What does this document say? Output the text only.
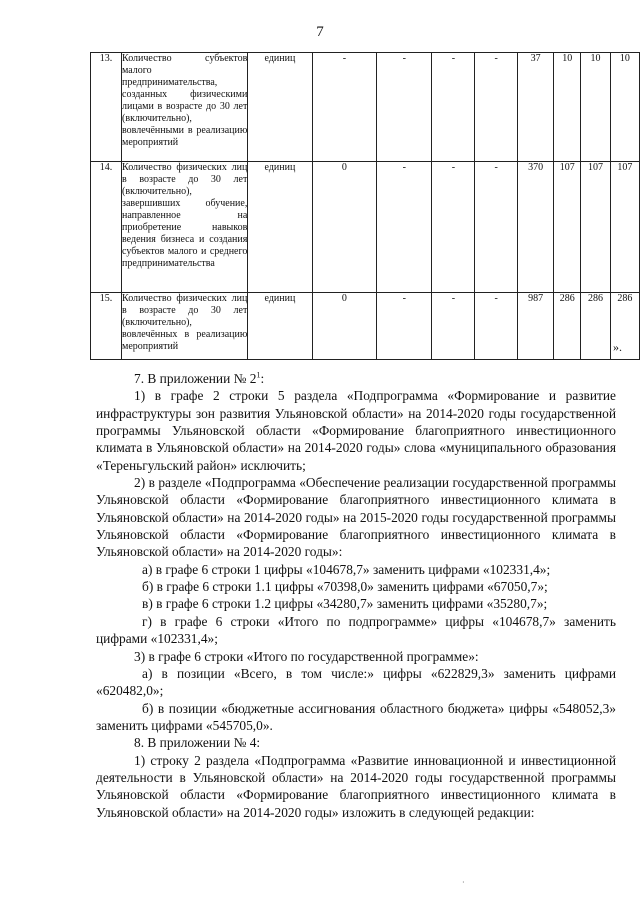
7
13.	Количество субъектов малого предпринимательства, созданных физическими лицами в возрасте до 30 лет (включительно), вовлечёнными в реализацию мероприятий	единиц	-	-	-	-	37	10	10	10
14.	Количество физических лиц в возрасте до 30 лет (включительно), завершивших обучение, направленное на приобретение навыков ведения бизнеса и создания субъектов малого и среднего предпринимательства	единиц	0	-	-	-	370	107	107	107
15.	Количество физических лиц в возрасте до 30 лет (включительно), вовлечённых в реализацию мероприятий	единиц	0	-	-	-	987	286	286	286
».

7. В приложении № $2^1$:

1) в графе 2 строки 5 раздела «Подпрограмма «Формирование и развитие инфраструктуры зон развития Ульяновской области» на 2014-2020 годы государственной программы Ульяновской области «Формирование благоприятного инвестиционного климата в Ульяновской области» на 2014-2020 годы» слова «муниципального образования «Тереньгульский район» исключить;

2) в разделе «Подпрограмма «Обеспечение реализации государственной программы Ульяновской области «Формирование благоприятного инвестиционного климата в Ульяновской области» на 2014-2020 годы» на 2015-2020 годы государственной программы Ульяновской области «Формирование благоприятного инвестиционного климата в Ульяновской области» на 2014-2020 годы»:

а) в графе 6 строки 1 цифры «104678,7» заменить цифрами «102331,4»;

б) в графе 6 строки 1.1 цифры «70398,0» заменить цифрами «67050,7»;

в) в графе 6 строки 1.2 цифры «34280,7» заменить цифрами «35280,7»;

г) в графе 6 строки «Итого по подпрограмме» цифры «104678,7» заменить цифрами «102331,4»;

3) в графе 6 строки «Итого по государственной программе»:

а) в позиции «Всего, в том числе:» цифры «622829,3» заменить цифрами «620482,0»;

б) в позиции «бюджетные ассигнования областного бюджета» цифры «548052,3» заменить цифрами «545705,0».

8. В приложении № 4:

1) строку 2 раздела «Подпрограмма «Развитие инновационной и инвестиционной деятельности в Ульяновской области» на 2014-2020 годы государственной программы Ульяновской области «Формирование благоприятного инвестиционного климата в Ульяновской области» на 2014-2020 годы» изложить в следующей редакции:

·
